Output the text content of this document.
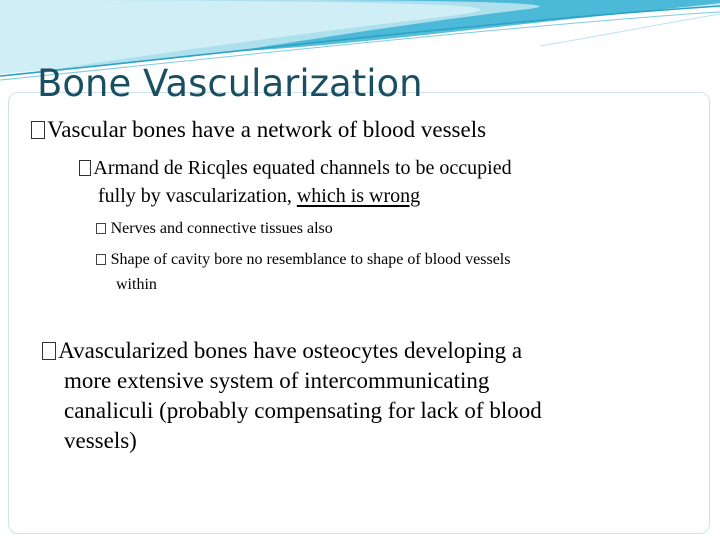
Bone Vascularization
Vascular bones have a network of blood vessels
Armand de Ricqles equated channels to be occupied
fully by vascularization, which is wrong
Nerves and connective tissues also
Shape of cavity bore no resemblance to shape of blood vessels
within
Avascularized bones have osteocytes developing a
more extensive system of intercommunicating
canaliculi (probably compensating for lack of blood
vessels)
